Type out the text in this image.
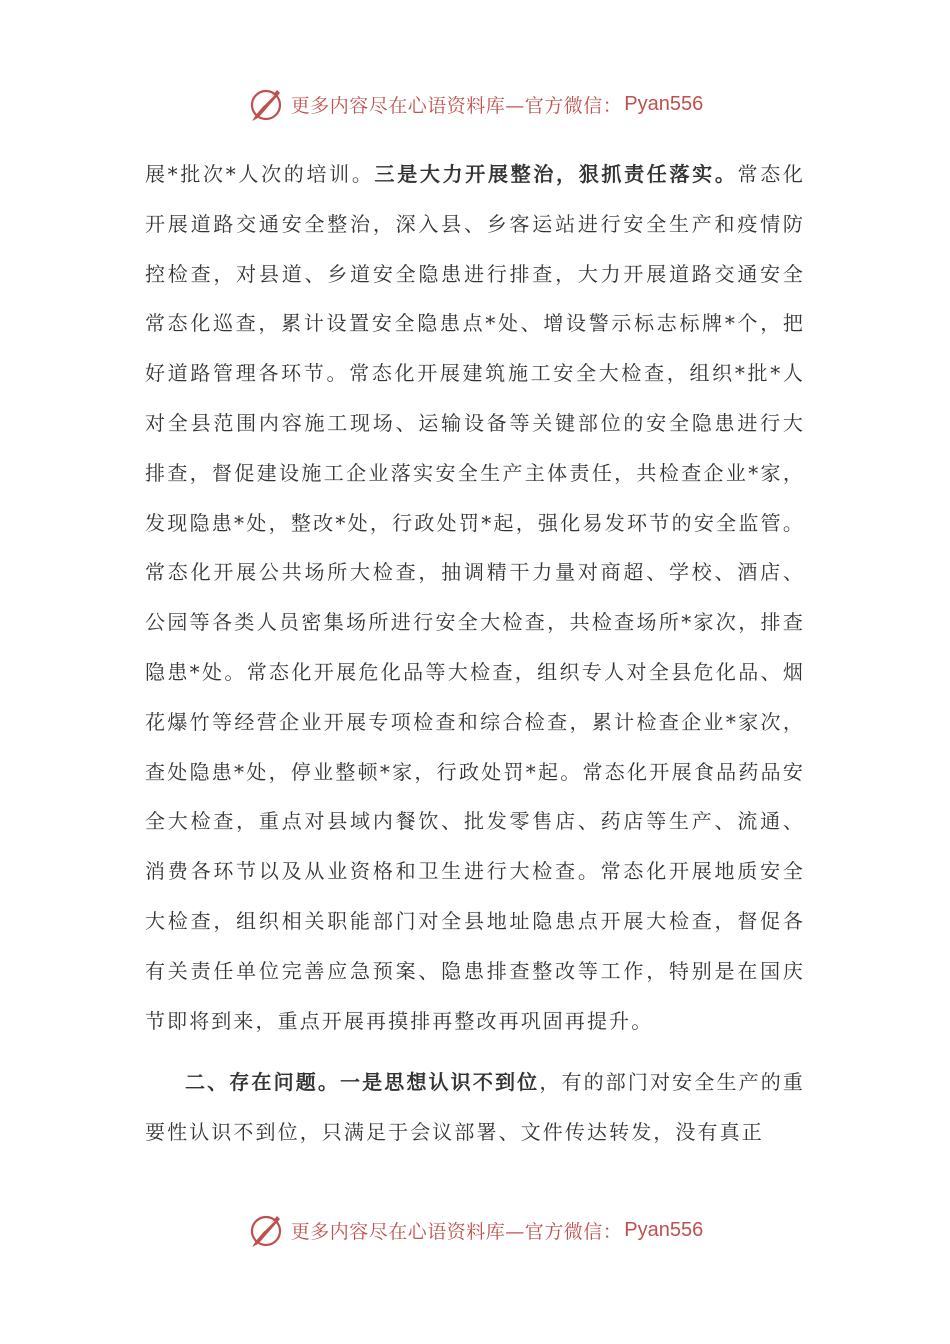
更多内容尽在心语资料库—官方微信： Pyan556

展*批次*人次的培训。三是大力开展整治，狠抓责任落实。常态化开展道路交通安全整治，深入县、乡客运站进行安全生产和疫情防控检查，对县道、乡道安全隐患进行排查，大力开展道路交通安全常态化巡查，累计设置安全隐患点*处、增设警示标志标牌*个，把好道路管理各环节。常态化开展建筑施工安全大检查，组织*批*人对全县范围内容施工现场、运输设备等关键部位的安全隐患进行大排查，督促建设施工企业落实安全生产主体责任，共检查企业*家，发现隐患*处，整改*处，行政处罚*起，强化易发环节的安全监管。常态化开展公共场所大检查，抽调精干力量对商超、学校、酒店、公园等各类人员密集场所进行安全大检查，共检查场所*家次，排查隐患*处。常态化开展危化品等大检查，组织专人对全县危化品、烟花爆竹等经营企业开展专项检查和综合检查，累计检查企业*家次，查处隐患*处，停业整顿*家，行政处罚*起。常态化开展食品药品安全大检查，重点对县域内餐饮、批发零售店、药店等生产、流通、消费各环节以及从业资格和卫生进行大检查。常态化开展地质安全大检查，组织相关职能部门对全县地址隐患点开展大检查，督促各有关责任单位完善应急预案、隐患排查整改等工作，特别是在国庆节即将到来，重点开展再摸排再整改再巩固再提升。

二、存在问题。一是思想认识不到位，有的部门对安全生产的重要性认识不到位，只满足于会议部署、文件传达转发，没有真正

更多内容尽在心语资料库—官方微信： Pyan556
